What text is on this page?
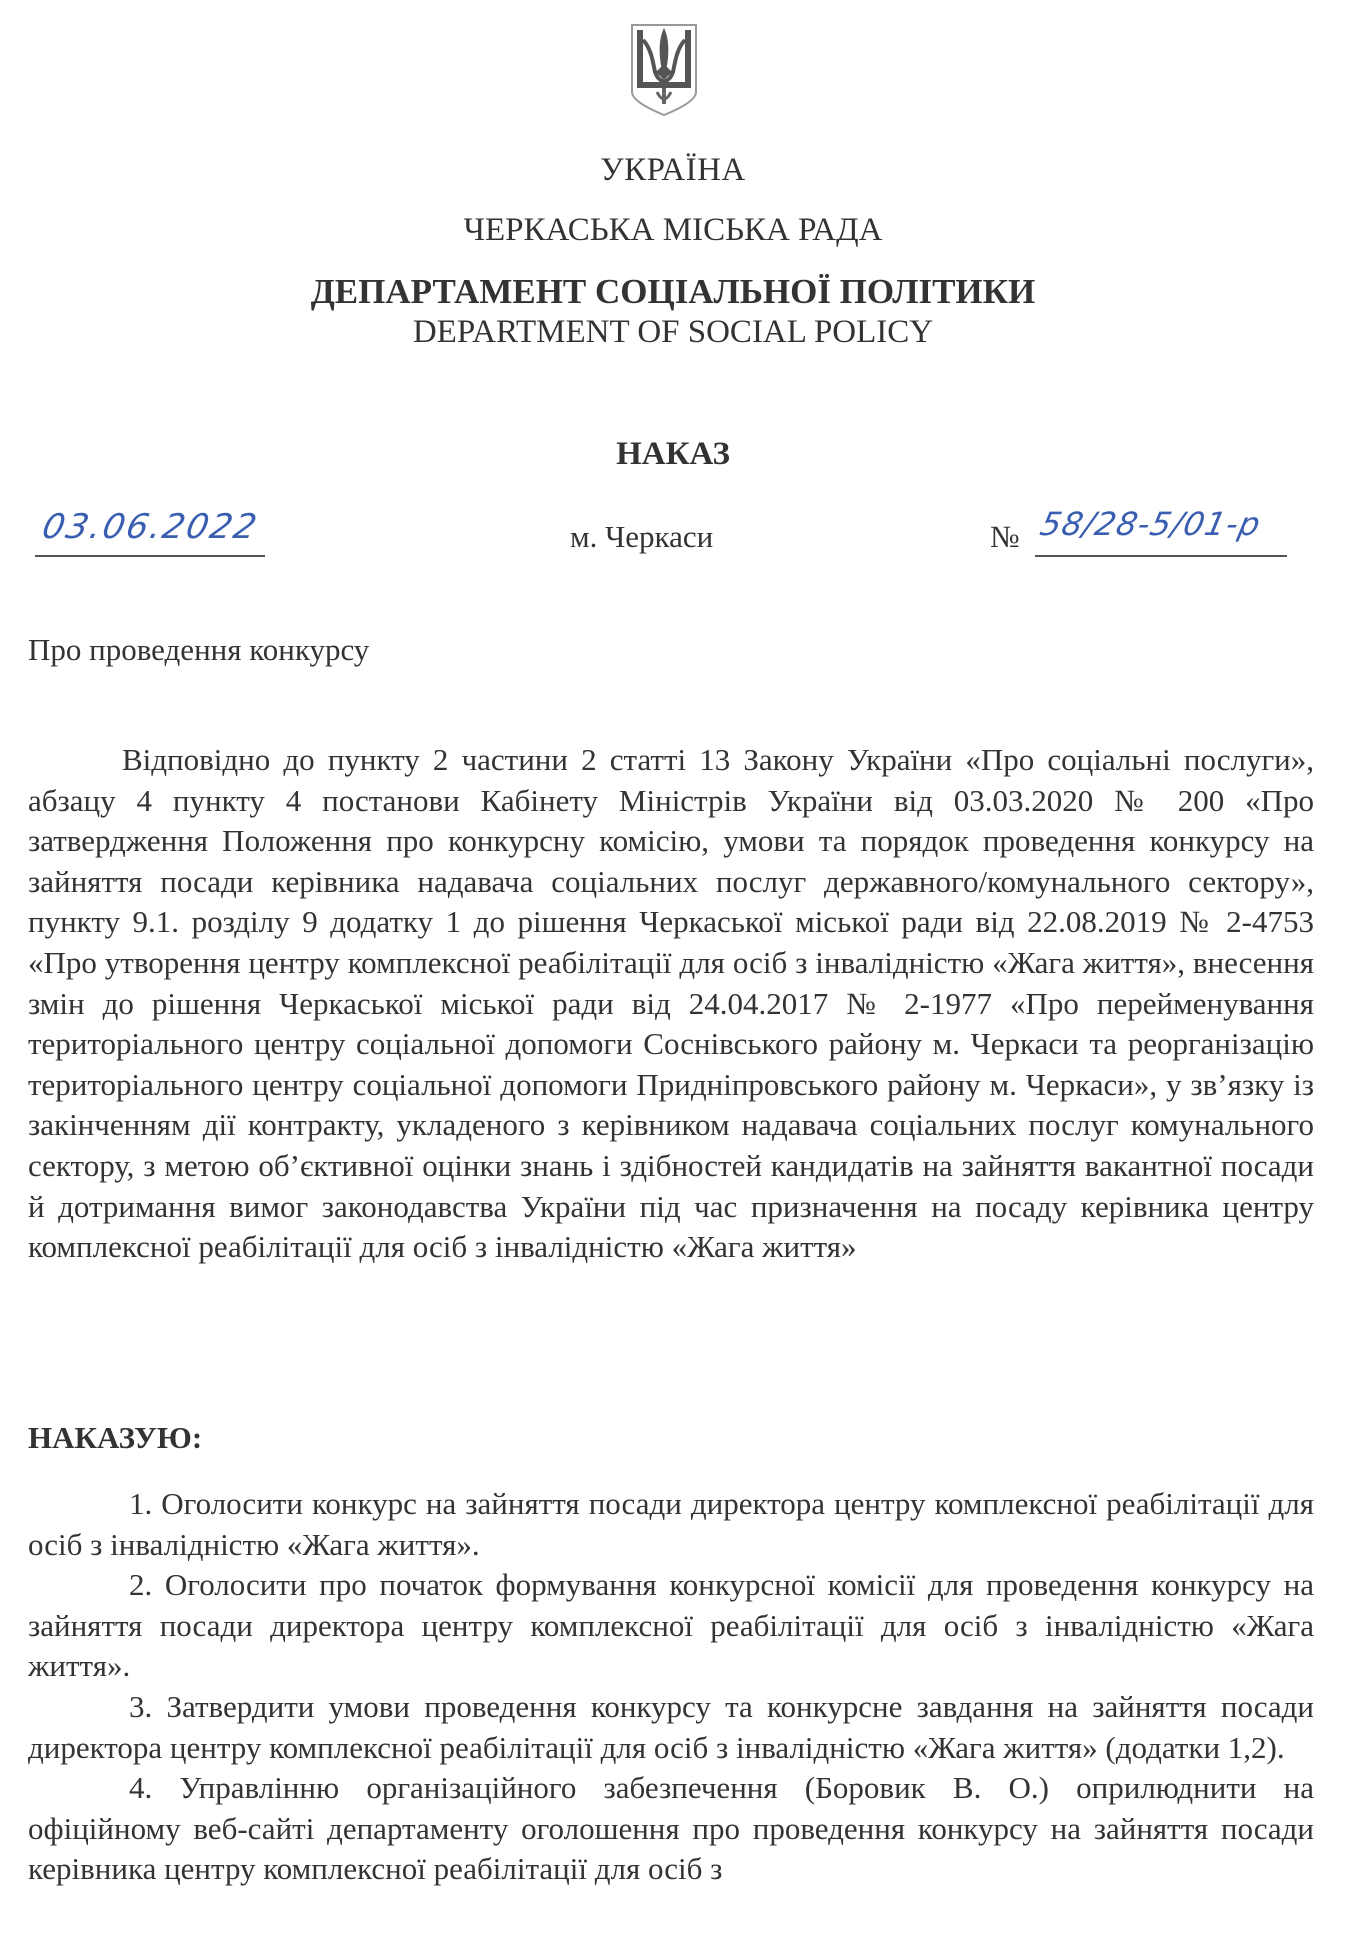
УКРАЇНА
ЧЕРКАСЬКА МІСЬКА РАДА
ДЕПАРТАМЕНТ СОЦІАЛЬНОЇ ПОЛІТИКИ
DEPARTMENT OF SOCIAL POLICY
НАКАЗ
03.06.2022	м. Черкаси	№ 58/28-5/01-р
Про проведення конкурсу
Відповідно до пункту 2 частини 2 статті 13 Закону України «Про соціальні послуги», абзацу 4 пункту 4 постанови Кабінету Міністрів України від 03.03.2020 № 200 «Про затвердження Положення про конкурсну комісію, умови та порядок проведення конкурсу на зайняття посади керівника надавача соціальних послуг державного/комунального сектору», пункту 9.1. розділу 9 додатку 1 до рішення Черкаської міської ради від 22.08.2019 № 2-4753 «Про утворення центру комплексної реабілітації для осіб з інвалідністю «Жага життя», внесення змін до рішення Черкаської міської ради від 24.04.2017 № 2-1977 «Про перейменування територіального центру соціальної допомоги Соснівського району м. Черкаси та реорганізацію територіального центру соціальної допомоги Придніпровського району м. Черкаси», у зв’язку із закінченням дії контракту, укладеного з керівником надавача соціальних послуг комунального сектору, з метою об’єктивної оцінки знань і здібностей кандидатів на зайняття вакантної посади й дотримання вимог законодавства України під час призначення на посаду керівника центру комплексної реабілітації для осіб з інвалідністю «Жага життя»
НАКАЗУЮ:

1. Оголосити конкурс на зайняття посади директора центру комплексної реабілітації для осіб з інвалідністю «Жага життя».

2. Оголосити про початок формування конкурсної комісії для проведення конкурсу на зайняття посади директора центру комплексної реабілітації для осіб з інвалідністю «Жага життя».

3. Затвердити умови проведення конкурсу та конкурсне завдання на зайняття посади директора центру комплексної реабілітації для осіб з інвалідністю «Жага життя» (додатки 1,2).

4. Управлінню організаційного забезпечення (Боровик В. О.) оприлюднити на офіційному веб-сайті департаменту оголошення про проведення конкурсу на зайняття посади керівника центру комплексної реабілітації для осіб з
